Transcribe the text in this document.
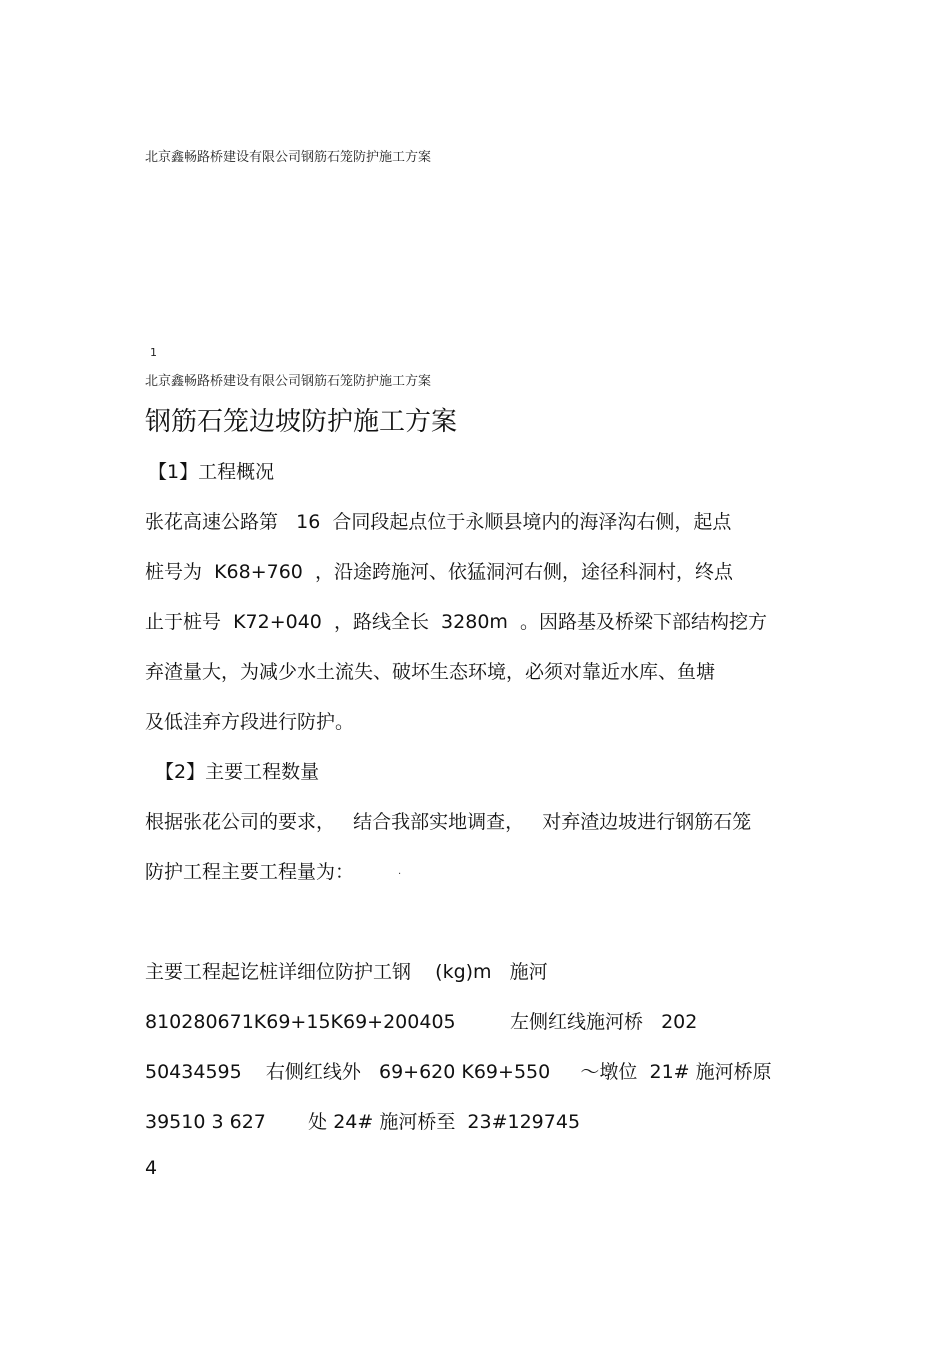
北京鑫畅路桥建设有限公司钢筋石笼防护施工方案
1
北京鑫畅路桥建设有限公司钢筋石笼防护施工方案
钢筋石笼边坡防护施工方案
【1】工程概况
张花高速公路第   16  合同段起点位于永顺县境内的海泽沟右侧，起点
桩号为  K68+760  ，沿途跨施河、依猛洞河右侧，途径科洞村，终点
止于桩号  K72+040  ，路线全长  3280m  。因路基及桥梁下部结构挖方
弃渣量大，为减少水土流失、破坏生态环境，必须对靠近水库、鱼塘
及低洼弃方段进行防护。
【2】主要工程数量
根据张花公司的要求，   结合我部实地调查，   对弃渣边坡进行钢筋石笼
防护工程主要工程量为：	.
主要工程起讫桩详细位防护工钢    (kg)m   施河
810280671K69+15K69+200405         左侧红线施河桥   202
50434595    右侧红线外   69+620 K69+550     ～墩位  21# 施河桥原
39510 3 627       处 24# 施河桥至  23#129745
4
